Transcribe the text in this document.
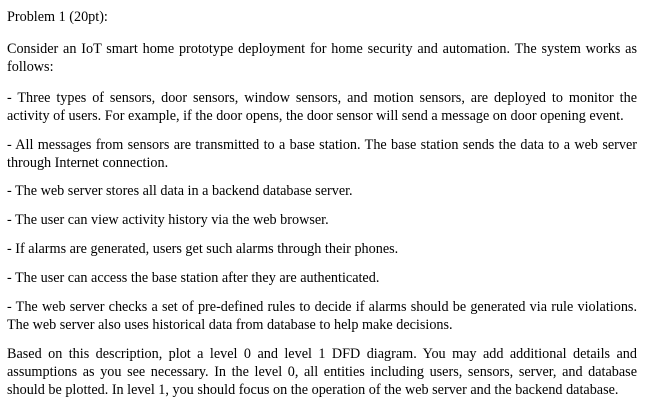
Problem 1 (20pt):
Consider an IoT smart home prototype deployment for home security and automation. The system works as follows:
- Three types of sensors, door sensors, window sensors, and motion sensors, are deployed to monitor the activity of users. For example, if the door opens, the door sensor will send a message on door opening event.
- All messages from sensors are transmitted to a base station. The base station sends the data to a web server through Internet connection.
- The web server stores all data in a backend database server.
- The user can view activity history via the web browser.
- If alarms are generated, users get such alarms through their phones.
- The user can access the base station after they are authenticated.
- The web server checks a set of pre-defined rules to decide if alarms should be generated via rule violations. The web server also uses historical data from database to help make decisions.
Based on this description, plot a level 0 and level 1 DFD diagram. You may add additional details and assumptions as you see necessary. In the level 0, all entities including users, sensors, server, and database should be plotted. In level 1, you should focus on the operation of the web server and the backend database.
